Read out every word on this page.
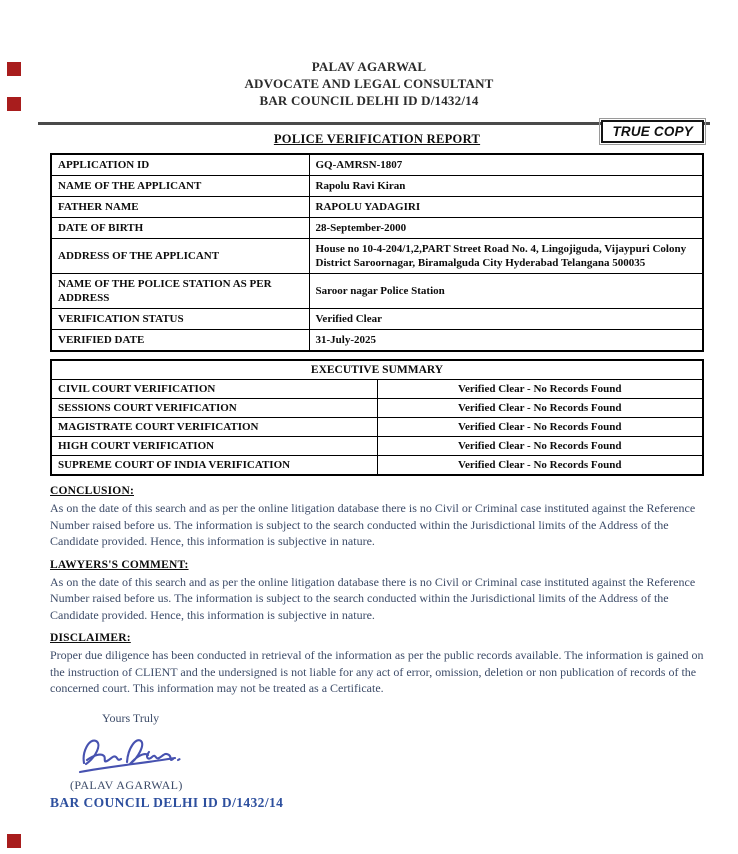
TRUE COPY
PALAV AGARWAL
ADVOCATE AND LEGAL CONSULTANT
BAR COUNCIL DELHI ID D/1432/14
POLICE VERIFICATION REPORT
APPLICATION ID	GQ-AMRSN-1807
NAME OF THE APPLICANT	Rapolu Ravi Kiran
FATHER NAME	RAPOLU YADAGIRI
DATE OF BIRTH	28-September-2000
ADDRESS OF THE APPLICANT	House no 10-4-204/1,2,PART Street Road No. 4, Lingojiguda, Vijaypuri Colony District Saroornagar, Biramalguda City Hyderabad Telangana 500035
NAME OF THE POLICE STATION AS PER ADDRESS	Saroor nagar Police Station
VERIFICATION STATUS	Verified Clear
VERIFIED DATE	31-July-2025
EXECUTIVE SUMMARY	
CIVIL COURT VERIFICATION	Verified Clear - No Records Found
SESSIONS COURT VERIFICATION	Verified Clear - No Records Found
MAGISTRATE COURT VERIFICATION	Verified Clear - No Records Found
HIGH COURT VERIFICATION	Verified Clear - No Records Found
SUPREME COURT OF INDIA VERIFICATION	Verified Clear - No Records Found
CONCLUSION:
As on the date of this search and as per the online litigation database there is no Civil or Criminal case instituted against the Reference Number raised before us. The information is subject to the search conducted within the Jurisdictional limits of the Address of the Candidate provided. Hence, this information is subjective in nature.
LAWYERS'S COMMENT:
As on the date of this search and as per the online litigation database there is no Civil or Criminal case instituted against the Reference Number raised before us. The information is subject to the search conducted within the Jurisdictional limits of the Address of the Candidate provided. Hence, this information is subjective in nature.
DISCLAIMER:
Proper due diligence has been conducted in retrieval of the information as per the public records available. The information is gained on the instruction of CLIENT and the undersigned is not liable for any act of error, omission, deletion or non publication of records of the concerned court. This information may not be treated as a Certificate.
Yours Truly
(PALAV AGARWAL)
BAR COUNCIL DELHI ID D/1432/14
